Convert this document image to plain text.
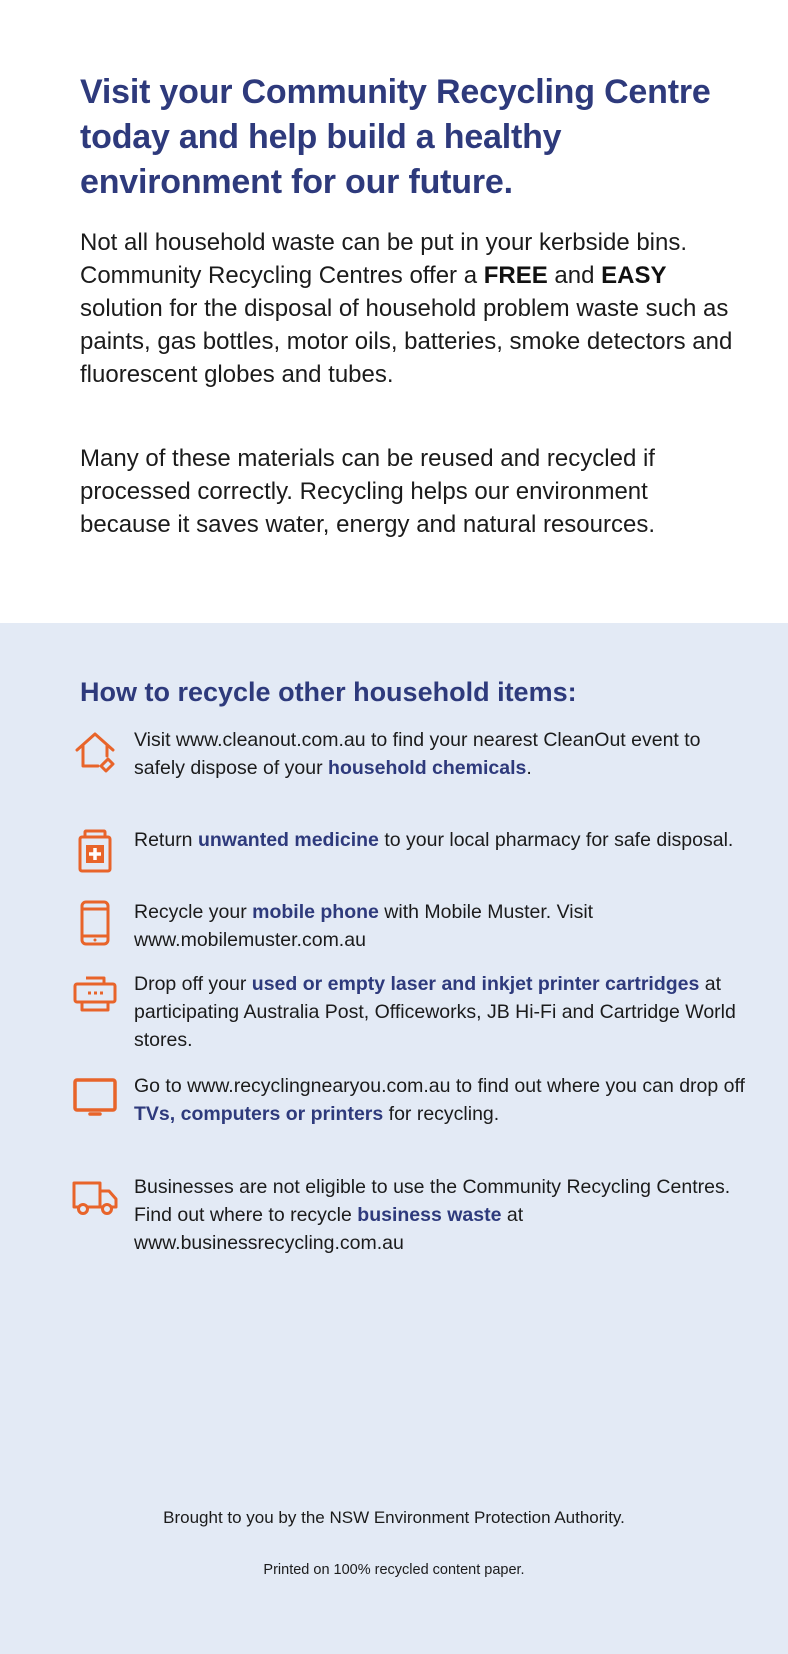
Visit your Community Recycling Centre today and help build a healthy environment for our future.

Not all household waste can be put in your kerbside bins. Community Recycling Centres offer a FREE and EASY solution for the disposal of household problem waste such as paints, gas bottles, motor oils, batteries, smoke detectors and fluorescent globes and tubes.

Many of these materials can be reused and recycled if processed correctly. Recycling helps our environment because it saves water, energy and natural resources.

How to recycle other household items:
Visit www.cleanout.com.au to find your nearest CleanOut event to safely dispose of your household chemicals.
Return unwanted medicine to your local pharmacy for safe disposal.
Recycle your mobile phone with Mobile Muster. Visit www.mobilemuster.com.au
Drop off your used or empty laser and inkjet printer cartridges at participating Australia Post, Officeworks, JB Hi-Fi and Cartridge World stores.
Go to www.recyclingnearyou.com.au to find out where you can drop off TVs, computers or printers for recycling.
Businesses are not eligible to use the Community Recycling Centres. Find out where to recycle business waste at www.businessrecycling.com.au
Brought to you by the NSW Environment Protection Authority.
Printed on 100% recycled content paper.
